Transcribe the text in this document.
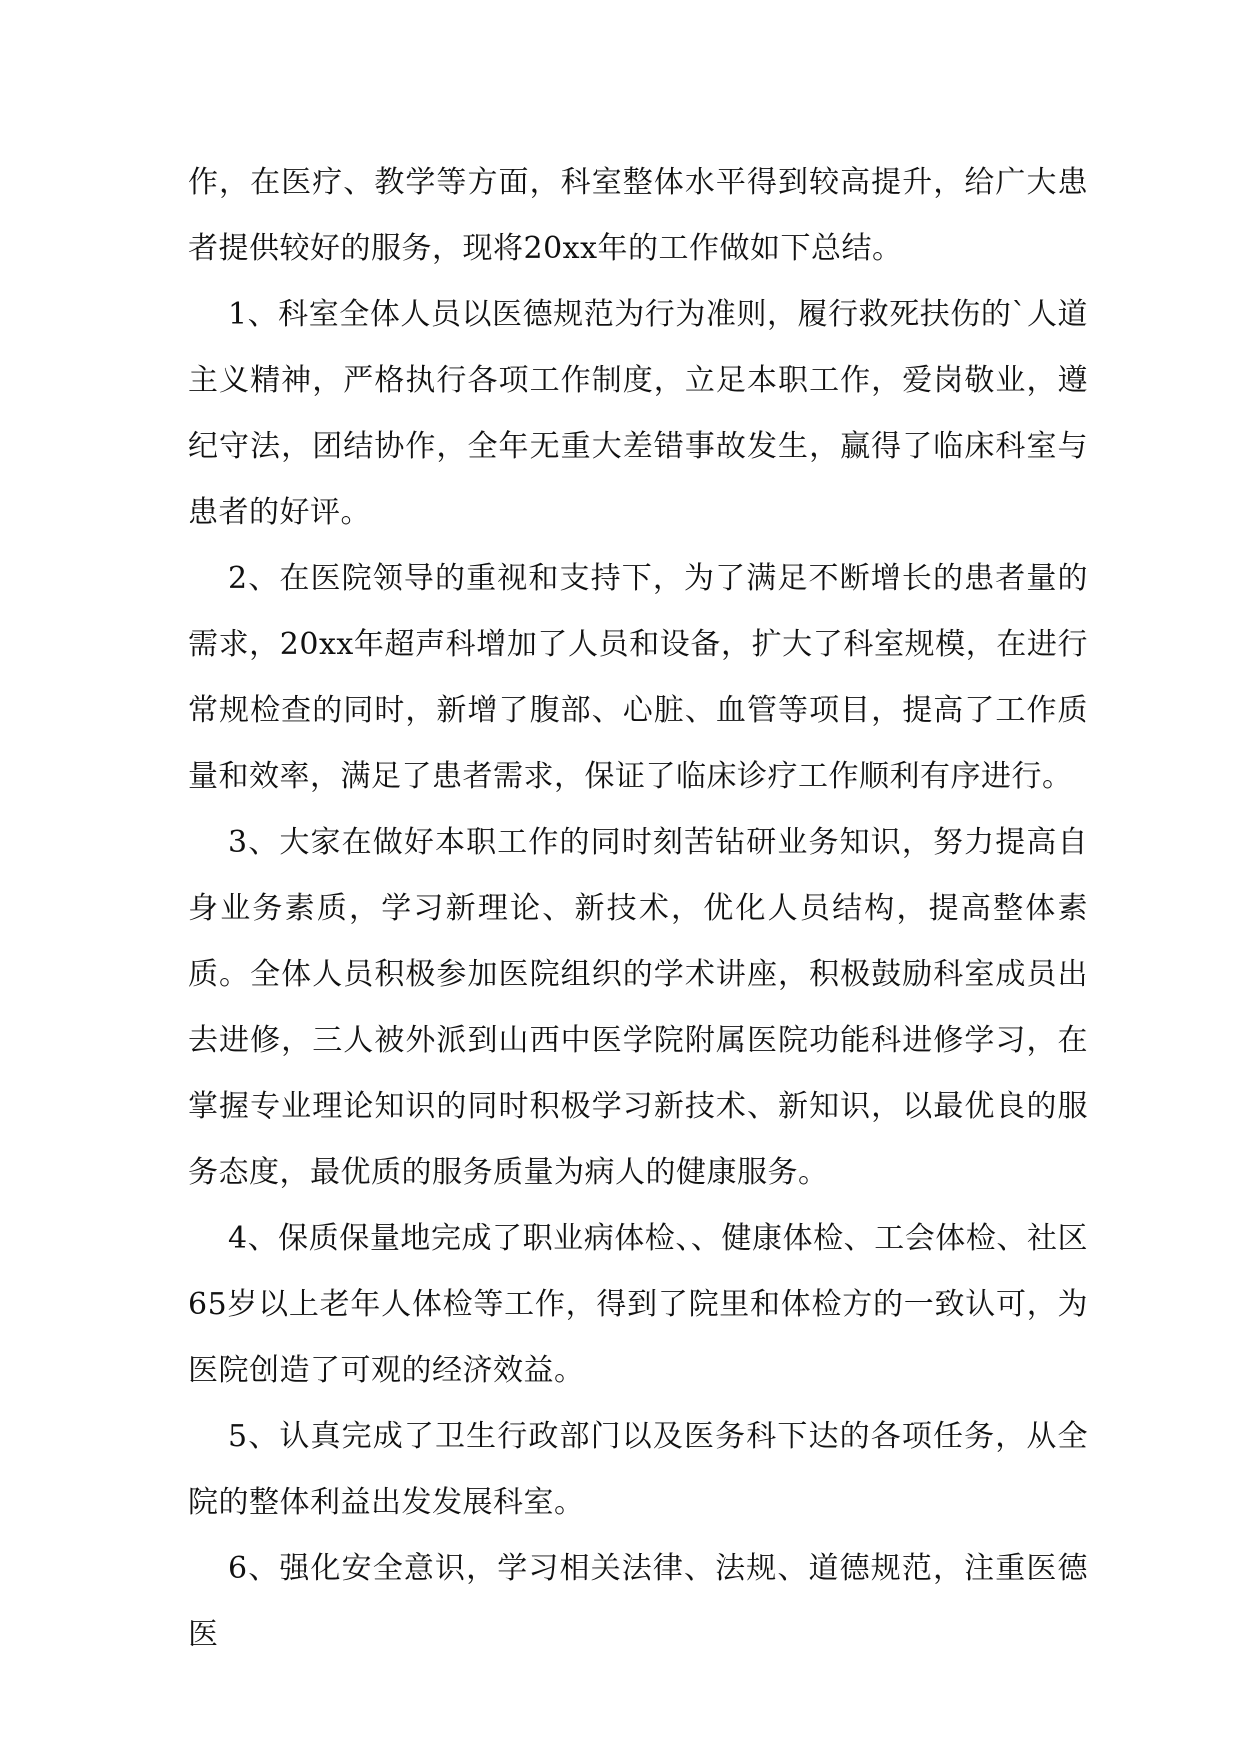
作，在医疗、教学等方面，科室整体水平得到较高提升，给广大患者提供较好的服务，现将20xx年的工作做如下总结。

1、科室全体人员以医德规范为行为准则，履行救死扶伤的`人道主义精神，严格执行各项工作制度，立足本职工作，爱岗敬业，遵纪守法，团结协作，全年无重大差错事故发生，赢得了临床科室与患者的好评。

2、在医院领导的重视和支持下，为了满足不断增长的患者量的需求，20xx年超声科增加了人员和设备，扩大了科室规模，在进行常规检查的同时，新增了腹部、心脏、血管等项目，提高了工作质量和效率，满足了患者需求，保证了临床诊疗工作顺利有序进行。

3、大家在做好本职工作的同时刻苦钻研业务知识，努力提高自身业务素质，学习新理论、新技术，优化人员结构，提高整体素质。全体人员积极参加医院组织的学术讲座，积极鼓励科室成员出去进修，三人被外派到山西中医学院附属医院功能科进修学习，在掌握专业理论知识的同时积极学习新技术、新知识，以最优良的服务态度，最优质的服务质量为病人的健康服务。

4、保质保量地完成了职业病体检、、健康体检、工会体检、社区65岁以上老年人体检等工作，得到了院里和体检方的一致认可，为医院创造了可观的经济效益。

5、认真完成了卫生行政部门以及医务科下达的各项任务，从全院的整体利益出发发展科室。

6、强化安全意识，学习相关法律、法规、道德规范，注重医德医
